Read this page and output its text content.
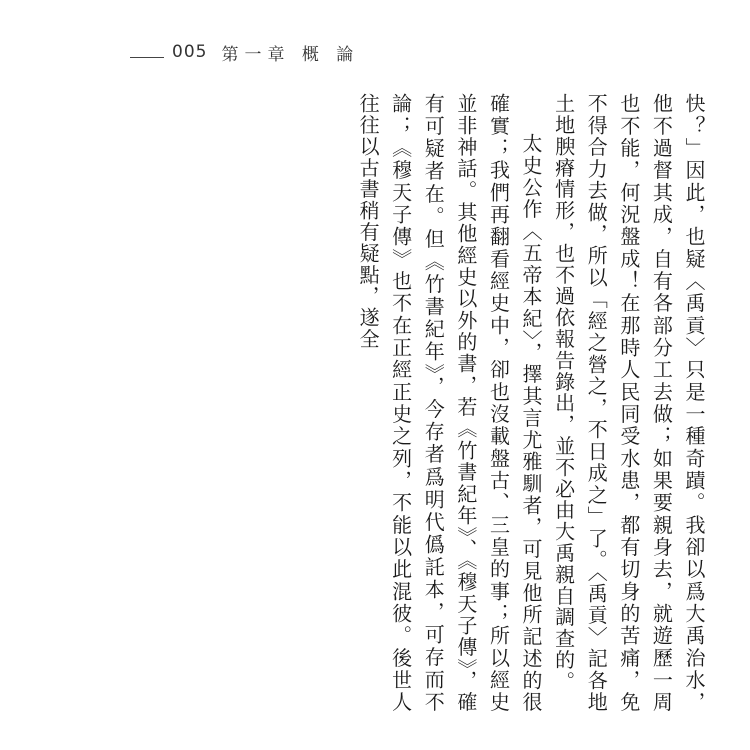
005 第一章 概 論

快？」因此，也疑〈禹貢〉只是一種奇蹟。我卻以爲大禹治水，他不過督其成，自有各部分工去做；如果要親身去，就遊歷一周也不能，何況盤成！在那時人民同受水患，都有切身的苦痛，免不得合力去做，所以「經之營之，不日成之」了。〈禹貢〉記各地土地腴瘠情形，也不過依報告錄出，並不必由大禹親自調查的。

太史公作〈五帝本紀〉，擇其言尤雅馴者，可見他所記述的很確實；我們再翻看經史中，卻也沒載盤古、三皇的事；所以經史並非神話。其他經史以外的書，若《竹書紀年》、《穆天子傳》，確有可疑者在。但《竹書紀年》，今存者爲明代僞託本，可存而不論；《穆天子傳》也不在正經正史之列，不能以此混彼。後世人往往以古書稍有疑點，遂全
